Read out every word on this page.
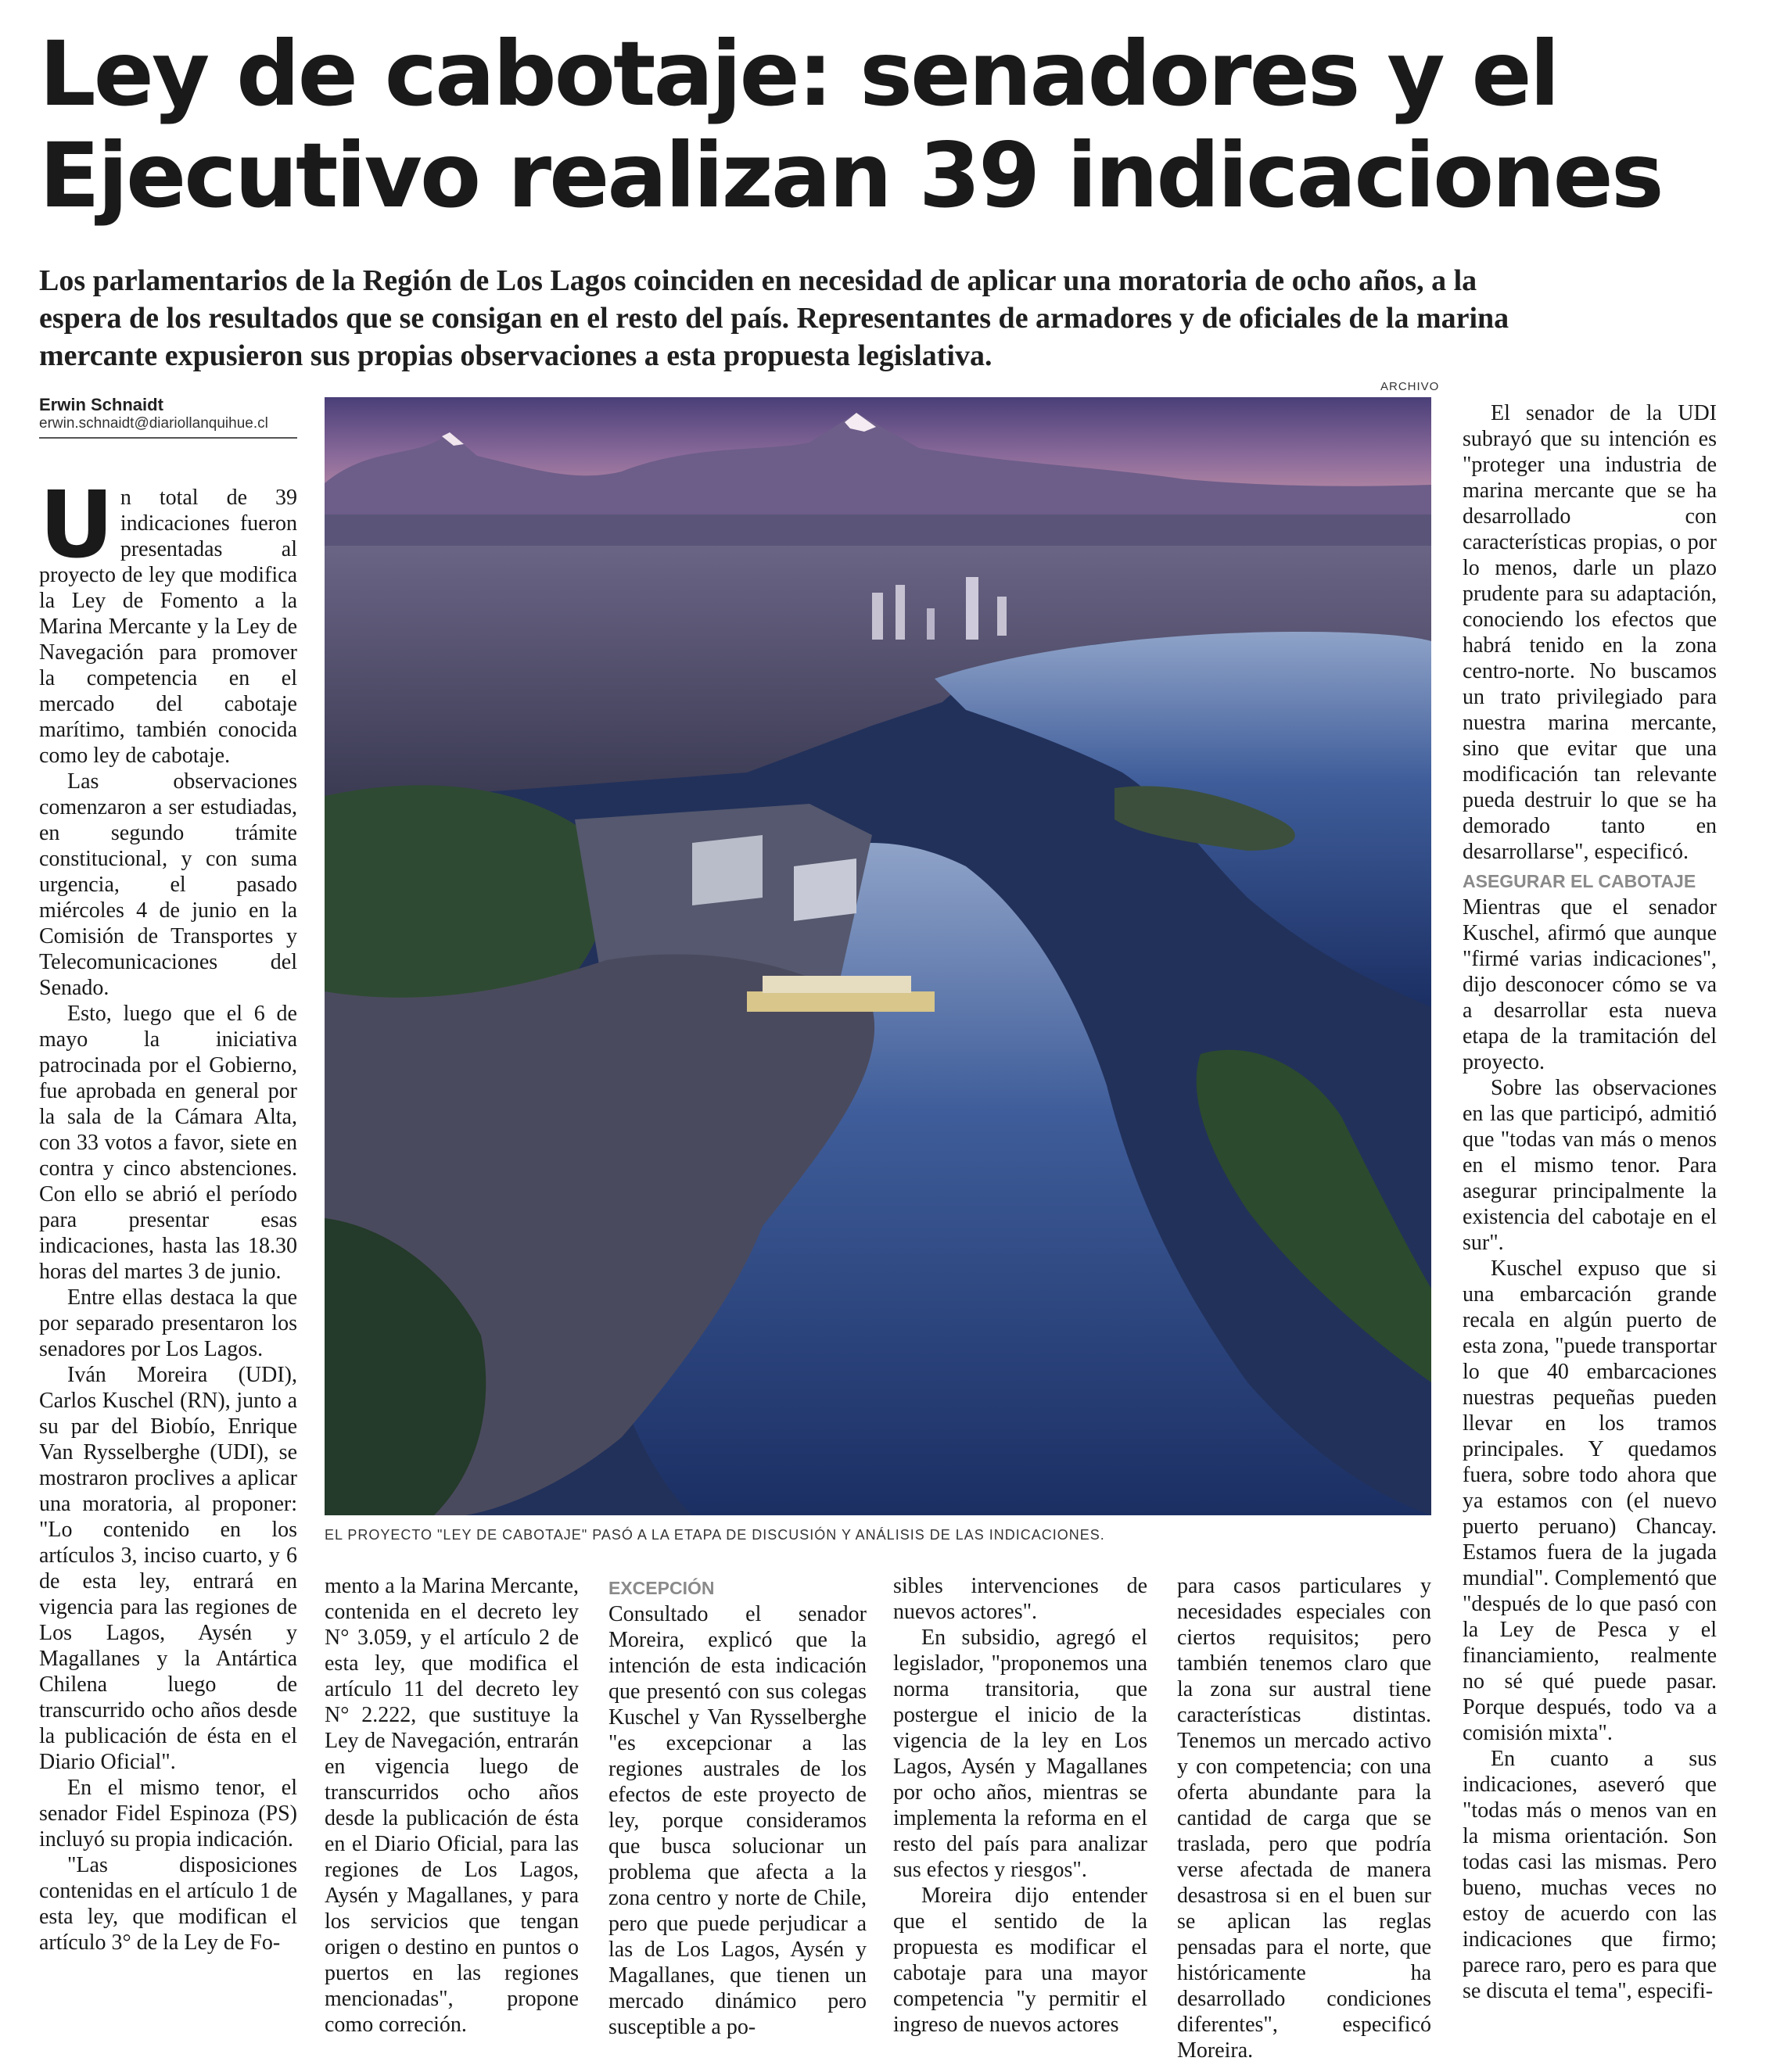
Ley de cabotaje: senadores y el
Ejecutivo realizan 39 indicaciones
Los parlamentarios de la Región de Los Lagos coinciden en necesidad de aplicar una moratoria de ocho años, a la
espera de los resultados que se consigan en el resto del país. Representantes de armadores y de oficiales de la marina
mercante expusieron sus propias observaciones a esta propuesta legislativa.
Erwin Schnaidt
erwin.schnaidt@diariollanquihue.cl
ARCHIVO
EL PROYECTO "LEY DE CABOTAJE" PASÓ A LA ETAPA DE DISCUSIÓN Y ANÁLISIS DE LAS INDICACIONES.
U n total de 39 indicaciones fueron presentadas al proyecto de ley que modifica la Ley de Fomento a la Marina Mercante y la Ley de Navegación para promover la competencia en el mercado del cabotaje marítimo, también conocida como ley de cabotaje.

Las observaciones comenzaron a ser estudiadas, en segundo trámite constitucional, y con suma urgencia, el pasado miércoles 4 de junio en la Comisión de Transportes y Telecomunicaciones del Senado.

Esto, luego que el 6 de mayo la iniciativa patrocinada por el Gobierno, fue aprobada en general por la sala de la Cámara Alta, con 33 votos a favor, siete en contra y cinco abstenciones. Con ello se abrió el período para presentar esas indicaciones, hasta las 18.30 horas del martes 3 de junio.

Entre ellas destaca la que por separado presentaron los senadores por Los Lagos.

Iván Moreira (UDI), Carlos Kuschel (RN), junto a su par del Biobío, Enrique Van Rysselberghe (UDI), se mostraron proclives a aplicar una moratoria, al proponer: "Lo contenido en los artículos 3, inciso cuarto, y 6 de esta ley, entrará en vigencia para las regiones de Los Lagos, Aysén y Magallanes y la Antártica Chilena luego de transcurrido ocho años desde la publicación de ésta en el Diario Oficial".

En el mismo tenor, el senador Fidel Espinoza (PS) incluyó su propia indicación.

"Las disposiciones contenidas en el artículo 1 de esta ley, que modifican el artículo 3° de la Ley de Fo-

mento a la Marina Mercante, contenida en el decreto ley N° 3.059, y el artículo 2 de esta ley, que modifica el artículo 11 del decreto ley N° 2.222, que sustituye la Ley de Navegación, entrarán en vigencia luego de transcurridos ocho años desde la publicación de ésta en el Diario Oficial, para las regiones de Los Lagos, Aysén y Magallanes, y para los servicios que tengan origen o destino en puntos o puertos en las regiones mencionadas", propone como correción.

EXCEPCIÓN

Consultado el senador Moreira, explicó que la intención de esta indicación que presentó con sus colegas Kuschel y Van Rysselberghe "es excepcionar a las regiones australes de los efectos de este proyecto de ley, porque consideramos que busca solucionar un problema que afecta a la zona centro y norte de Chile, pero que puede perjudicar a las de Los Lagos, Aysén y Magallanes, que tienen un mercado dinámico pero susceptible a po-

sibles intervenciones de nuevos actores".

En subsidio, agregó el legislador, "proponemos una norma transitoria, que postergue el inicio de la vigencia de la ley en Los Lagos, Aysén y Magallanes por ocho años, mientras se implementa la reforma en el resto del país para analizar sus efectos y riesgos".

Moreira dijo entender que el sentido de la propuesta es modificar el cabotaje para una mayor competencia "y permitir el ingreso de nuevos actores

para casos particulares y necesidades especiales con ciertos requisitos; pero también tenemos claro que la zona sur austral tiene características distintas. Tenemos un mercado activo y con competencia; con una oferta abundante para la cantidad de carga que se traslada, pero que podría verse afectada de manera desastrosa si en el buen sur se aplican las reglas pensadas para el norte, que históricamente ha desarrollado condiciones diferentes", especificó Moreira.

El senador de la UDI subrayó que su intención es "proteger una industria de marina mercante que se ha desarrollado con características propias, o por lo menos, darle un plazo prudente para su adaptación, conociendo los efectos que habrá tenido en la zona centro-norte. No buscamos un trato privilegiado para nuestra marina mercante, sino que evitar que una modificación tan relevante pueda destruir lo que se ha demorado tanto en desarrollarse", especificó.

ASEGURAR EL CABOTAJE

Mientras que el senador Kuschel, afirmó que aunque "firmé varias indicaciones", dijo desconocer cómo se va a desarrollar esta nueva etapa de la tramitación del proyecto.

Sobre las observaciones en las que participó, admitió que "todas van más o menos en el mismo tenor. Para asegurar principalmente la existencia del cabotaje en el sur".

Kuschel expuso que si una embarcación grande recala en algún puerto de esta zona, "puede transportar lo que 40 embarcaciones nuestras pequeñas pueden llevar en los tramos principales. Y quedamos fuera, sobre todo ahora que ya estamos con (el nuevo puerto peruano) Chancay. Estamos fuera de la jugada mundial". Complementó que "después de lo que pasó con la Ley de Pesca y el financiamiento, realmente no sé qué puede pasar. Porque después, todo va a comisión mixta".

En cuanto a sus indicaciones, aseveró que "todas más o menos van en la misma orientación. Son todas casi las mismas. Pero bueno, muchas veces no estoy de acuerdo con las indicaciones que firmo; parece raro, pero es para que se discuta el tema", especifi-
